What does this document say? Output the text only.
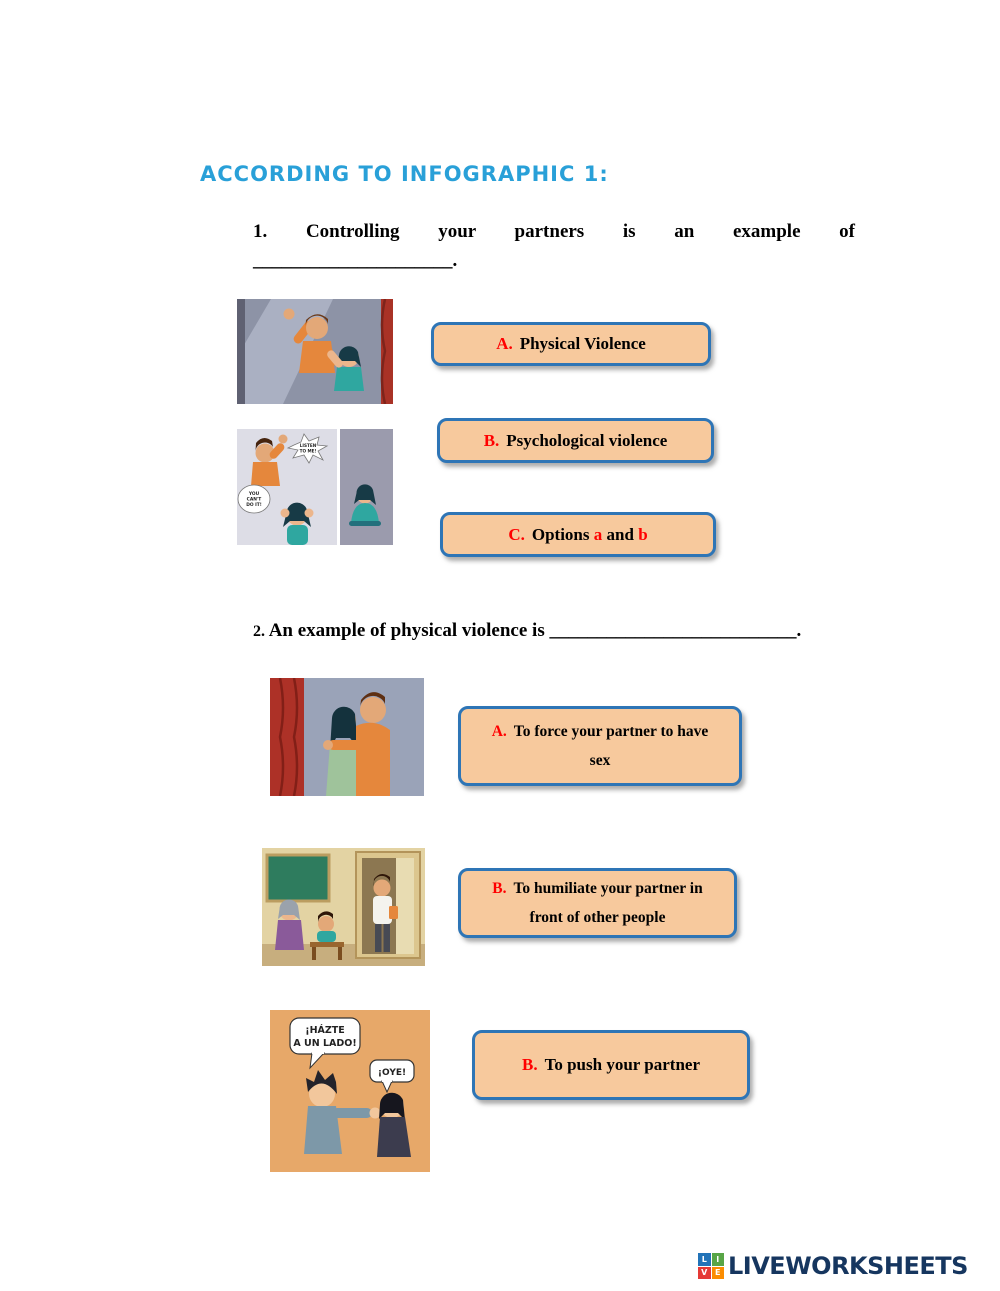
ACCORDING TO INFOGRAPHIC 1:
1. Controlling your partners is an example of
_____________________.
A. Physical Violence
B. Psychological violence
C. Options
a
and
b
YOU
CAN'T
DO IT!
LISTEN
TO ME!
2. An example of physical violence is __________________________.
A. To force your partner to have
sex
B. To humiliate your partner in
front of other people
¡HÁZTE
A UN LADO!
¡OYE!	B. To push your partner
L	I
V E LIVEWORKSHEETS
